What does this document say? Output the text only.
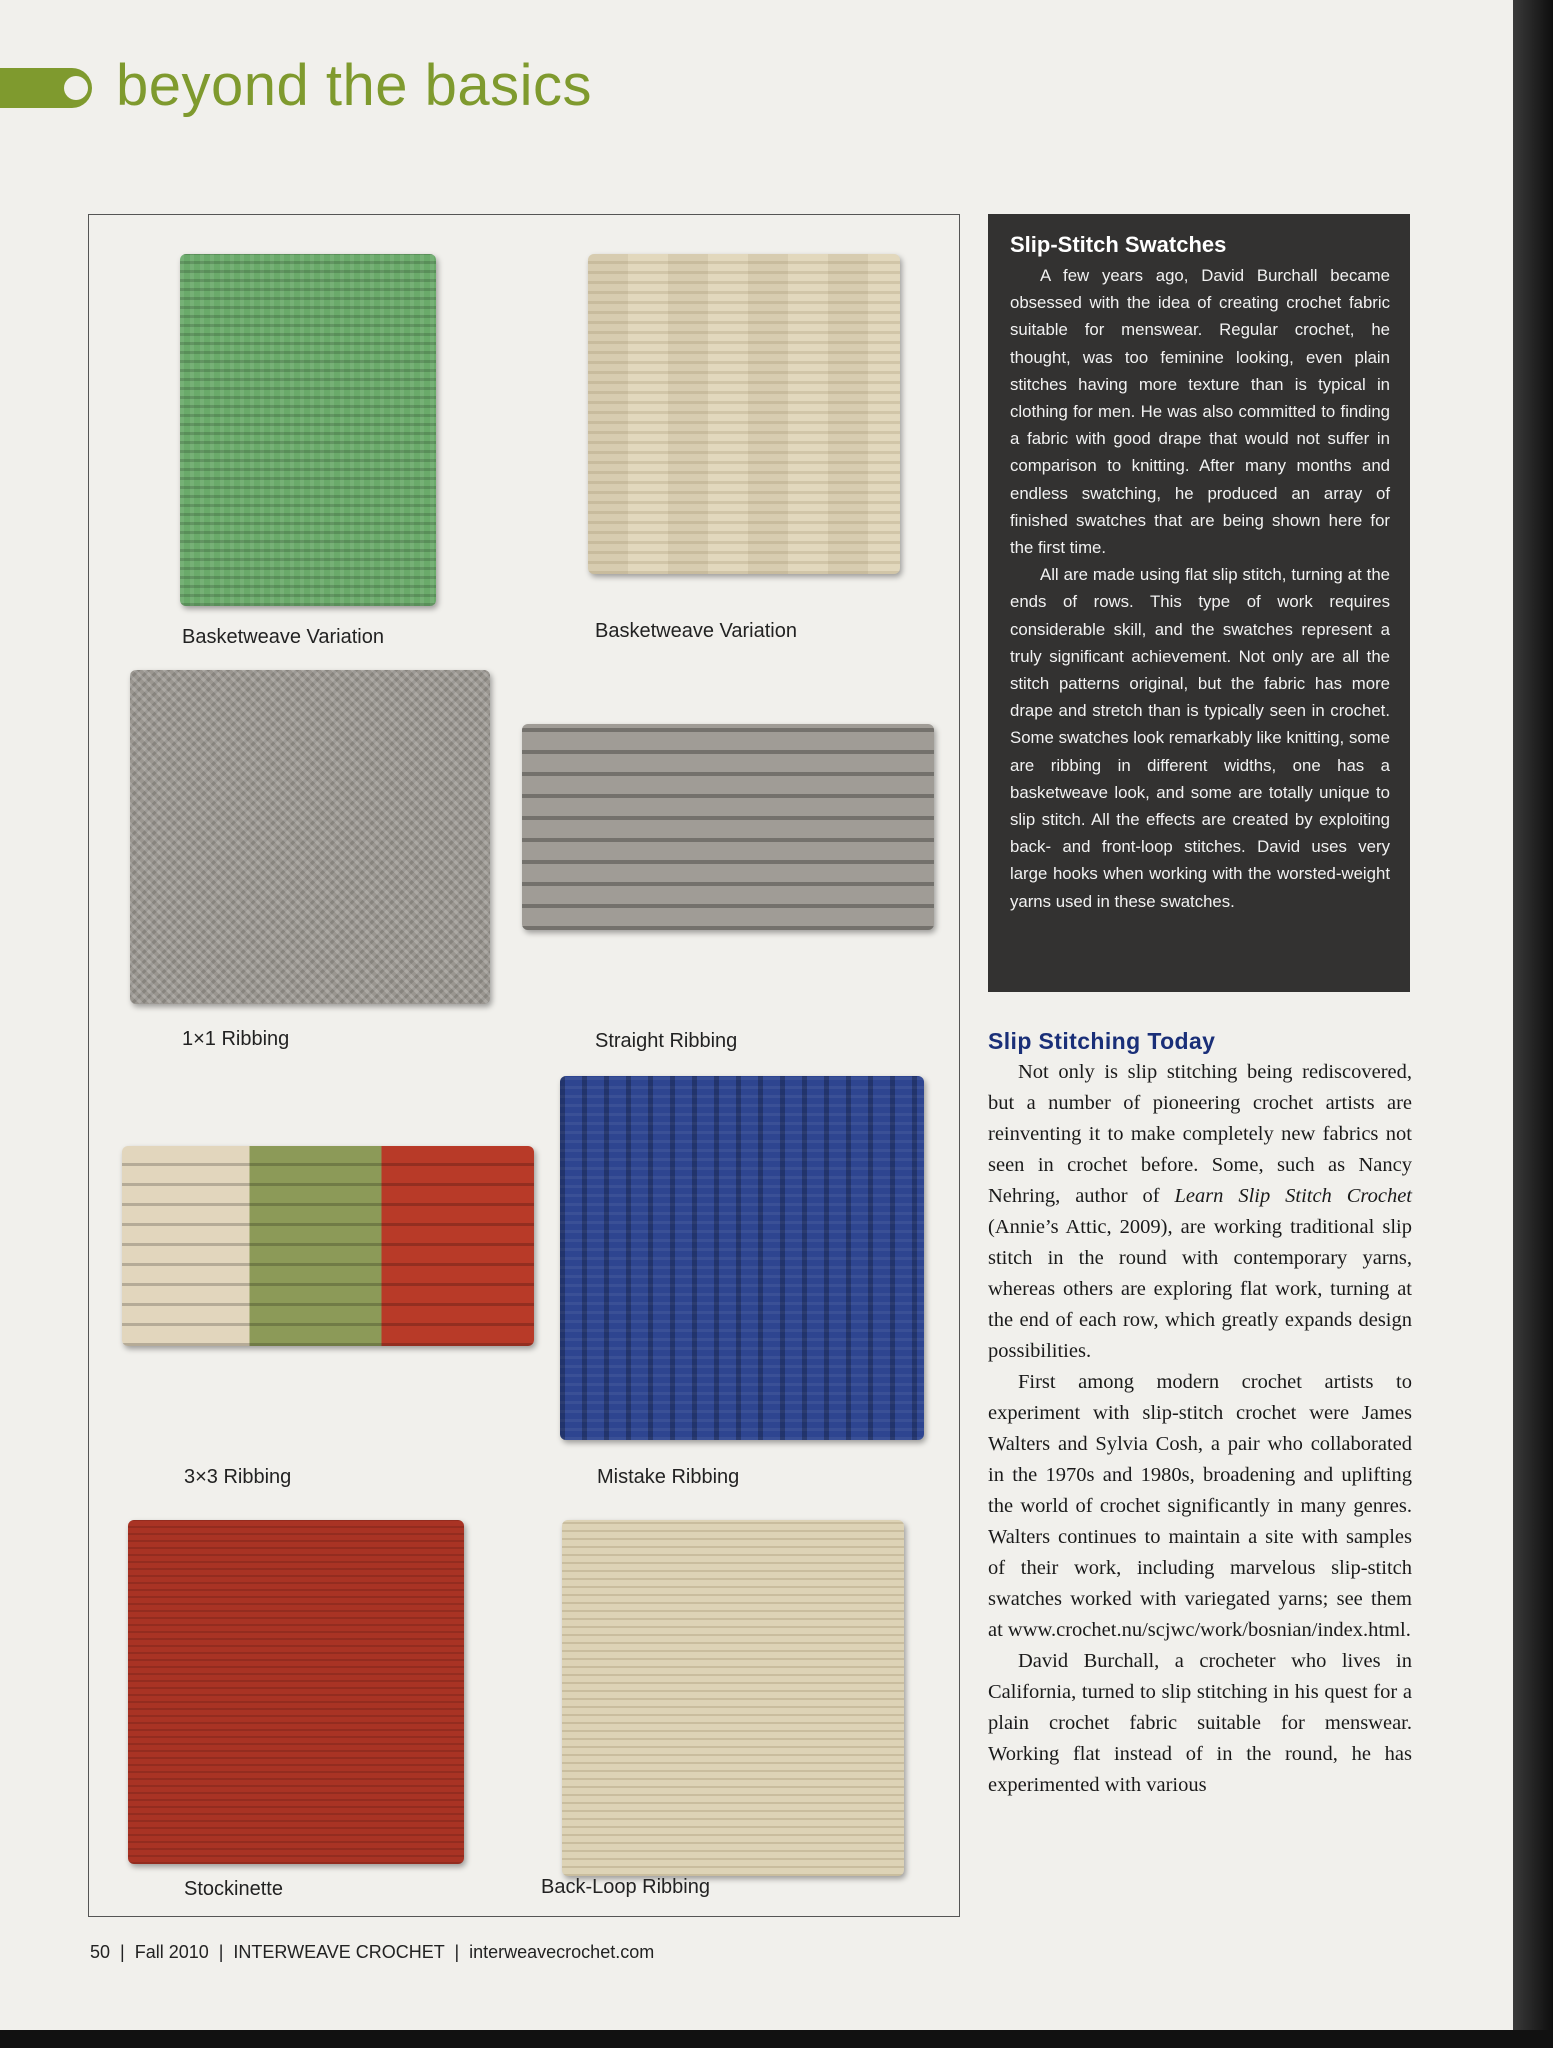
beyond the basics
Basketweave Variation	Basketweave Variation
1×1 Ribbing	Straight Ribbing
3×3 Ribbing	Mistake Ribbing
Stockinette	Back-Loop Ribbing
Slip-Stitch Swatches

A few years ago, David Burchall became obsessed with the idea of creating crochet fabric suitable for menswear. Regular crochet, he thought, was too feminine looking, even plain stitches having more texture than is typical in clothing for men. He was also committed to finding a fabric with good drape that would not suffer in comparison to knitting. After many months and endless swatching, he produced an array of finished swatches that are being shown here for the first time.

All are made using flat slip stitch, turning at the ends of rows. This type of work requires considerable skill, and the swatches represent a truly significant achievement. Not only are all the stitch patterns original, but the fabric has more drape and stretch than is typically seen in crochet. Some swatches look remarkably like knitting, some are ribbing in different widths, one has a basketweave look, and some are totally unique to slip stitch. All the effects are created by exploiting back- and front-loop stitches. David uses very large hooks when working with the worsted-weight yarns used in these swatches.

Slip Stitching Today

Not only is slip stitching being rediscovered, but a number of pioneering crochet artists are reinventing it to make completely new fabrics not seen in crochet before. Some, such as Nancy Nehring, author of Learn Slip Stitch Crochet (Annie’s Attic, 2009), are working traditional slip stitch in the round with contemporary yarns, whereas others are exploring flat work, turning at the end of each row, which greatly expands design possibilities.

First among modern crochet artists to experiment with slip-stitch crochet were James Walters and Sylvia Cosh, a pair who collaborated in the 1970s and 1980s, broadening and uplifting the world of crochet significantly in many genres. Walters continues to maintain a site with samples of their work, including marvelous slip-stitch swatches worked with variegated yarns; see them at www.crochet.nu/scjwc/work/bosnian/index.html.

David Burchall, a crocheter who lives in California, turned to slip stitching in his quest for a plain crochet fabric suitable for menswear. Working flat instead of in the round, he has experimented with various

50  |  Fall 2010  |  INTERWEAVE CROCHET  |  interweavecrochet.com
